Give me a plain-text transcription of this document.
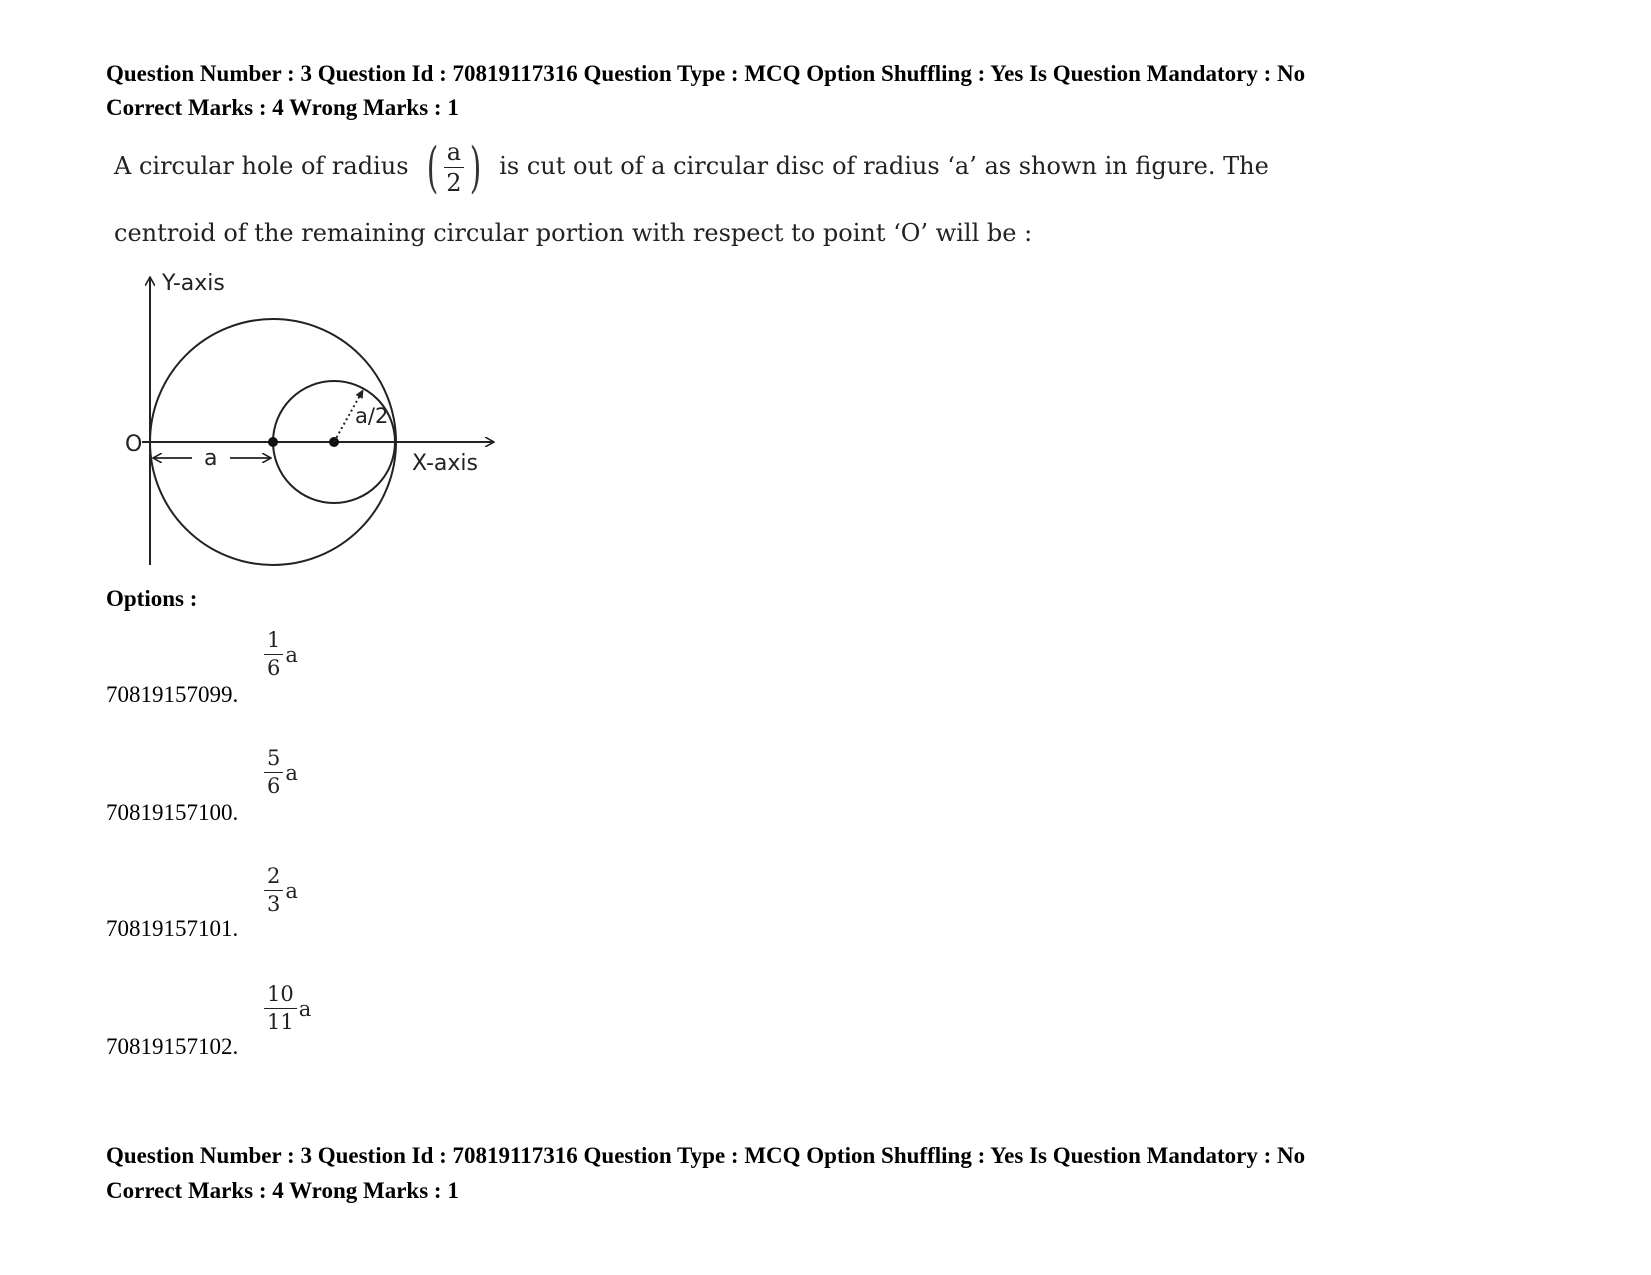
Question Number : 3 Question Id : 70819117316 Question Type : MCQ Option Shuffling : Yes Is Question Mandatory : No
Correct Marks : 4 Wrong Marks : 1
A circular hole of radius ( $\frac{a}{2}$ ) is cut out of a circular disc of radius ‘a’ as shown in figure. The
centroid of the remaining circular portion with respect to point ‘O’ will be :
Y-axis
X-axis
O
a/2
a
Options :
$\frac{1}{6}$ a
70819157099.
$\frac{5}{6}$ a
70819157100.
$\frac{2}{3}$ a
70819157101.
$\frac{10}{11}$ a
70819157102.
Question Number : 3 Question Id : 70819117316 Question Type : MCQ Option Shuffling : Yes Is Question Mandatory : No
Correct Marks : 4 Wrong Marks : 1
